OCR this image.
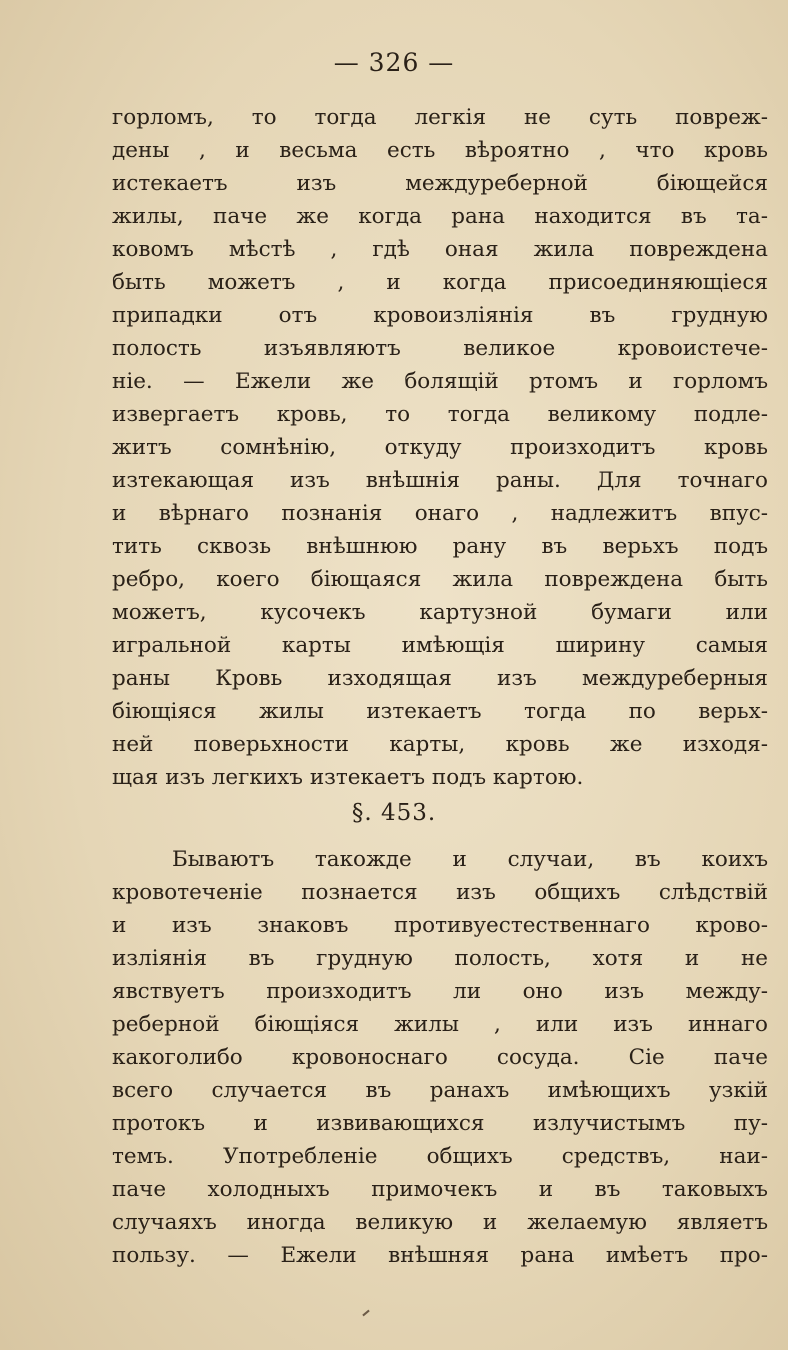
— 326 —
горломъ, то тогда легкія не суть повреж-
дены , и весьма есть вѣроятно , что кровь
истекаетъ изъ междуреберной біющейся
жилы, паче же когда рана находится въ та-
ковомъ мѣстѣ , гдѣ оная жила повреждена
быть можетъ , и когда присоединяющіеся
припадки отъ кровоизліянія въ грудную
полость изъявляютъ великое кровоистече-
ніе. — Ежели же болящій ртомъ и горломъ
извергаетъ кровь, то тогда великому подле-
житъ сомнѣнію, откуду произходитъ кровь
изтекающая изъ внѣшнія раны. Для точнаго
и вѣрнаго познанія онаго , надлежитъ впус-
тить сквозь внѣшнюю рану въ верьхъ подъ
ребро, коего біющаяся жила повреждена быть
можетъ, кусочекъ картузной бумаги или
игральной карты имѣющія ширину самыя
раны Кровь изходящая изъ междуреберныя
біющіяся жилы изтекаетъ тогда по верьх-
ней поверьхности карты, кровь же изходя-
щая изъ легкихъ изтекаетъ подъ картою.
§. 453.
Бываютъ такожде и случаи, въ коихъ
кровотеченіе познается изъ общихъ слѣдствій
и изъ знаковъ противуестественнаго крово-
изліянія въ грудную полость, хотя и не
явствуетъ произходитъ ли оно изъ между-
реберной біющіяся жилы , или изъ иннаго
какоголибо кровоноснаго сосуда. Сіе паче
всего случается въ ранахъ имѣющихъ узкій
протокъ и извивающихся излучистымъ пу-
темъ. Употребленіе общихъ средствъ, наи-
паче холодныхъ примочекъ и въ таковыхъ
случаяхъ иногда великую и желаемую являетъ
пользу. — Ежели внѣшняя рана имѣетъ про-
